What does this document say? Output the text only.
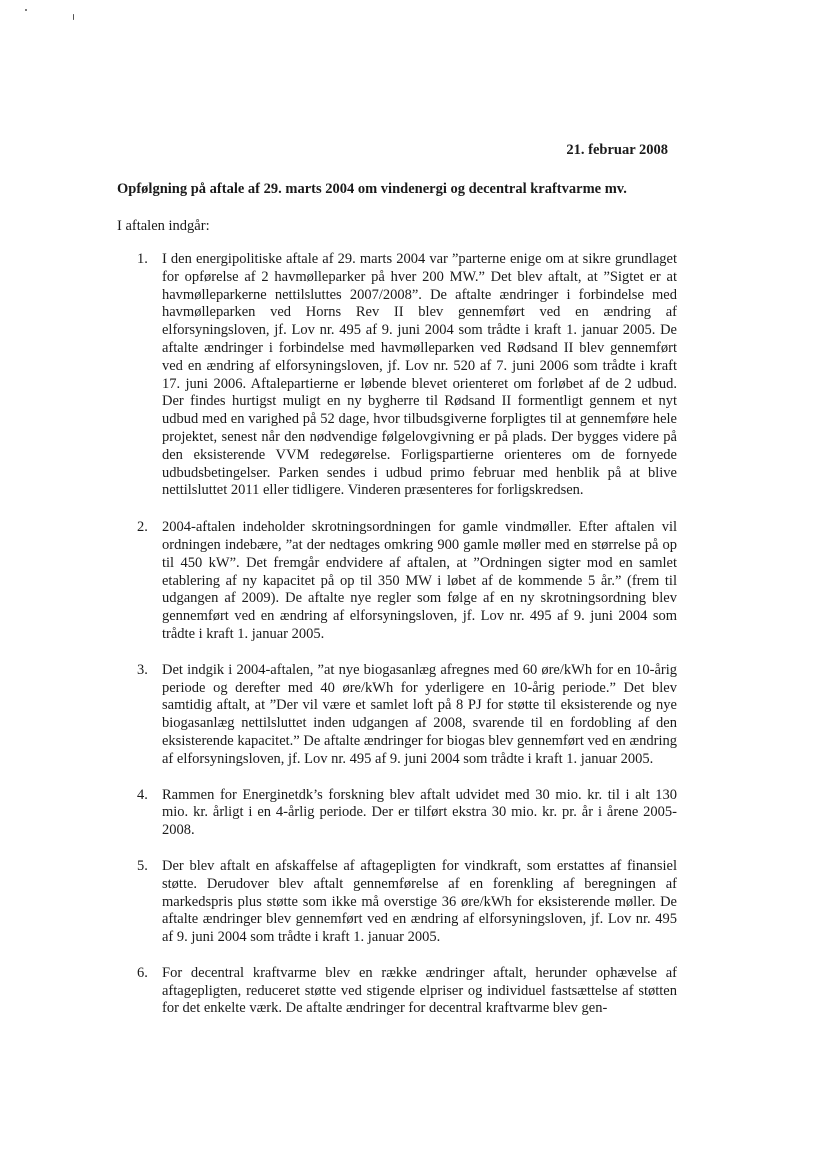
21. februar 2008
Opfølgning på aftale af 29. marts 2004 om vindenergi og decentral kraftvarme mv.
I aftalen indgår:
1. I den energipolitiske aftale af 29. marts 2004 var ”parterne enige om at sikre grundlaget for opførelse af 2 havmølleparker på hver 200 MW.” Det blev aftalt, at ”Sigtet er at havmølleparkerne nettilsluttes 2007/2008”. De aftalte ændringer i forbindelse med havmølleparken ved Horns Rev II blev gennemført ved en ændring af elforsyningsloven, jf. Lov nr. 495 af 9. juni 2004 som trådte i kraft 1. januar 2005. De aftalte ændringer i forbindelse med havmølleparken ved Rødsand II blev gennemført ved en ændring af elforsyningsloven, jf. Lov nr. 520 af 7. juni 2006 som trådte i kraft 17. juni 2006. Aftalepartierne er løbende blevet orienteret om forløbet af de 2 udbud. Der findes hurtigst muligt en ny bygherre til Rødsand II formentligt gennem et nyt udbud med en varighed på 52 dage, hvor tilbudsgiverne forpligtes til at gennemføre hele projektet, senest når den nødvendige følgelovgivning er på plads. Der bygges videre på den eksisterende VVM redegørelse. Forligspartierne orienteres om de fornyede udbudsbetingelser. Parken sendes i udbud primo februar med henblik på at blive nettilsluttet 2011 eller tidligere. Vinderen præsenteres for forligskredsen.
2. 2004-aftalen indeholder skrotningsordningen for gamle vindmøller. Efter aftalen vil ordningen indebære, ”at der nedtages omkring 900 gamle møller med en størrelse på op til 450 kW”. Det fremgår endvidere af aftalen, at ”Ordningen sigter mod en samlet etablering af ny kapacitet på op til 350 MW i løbet af de kommende 5 år.” (frem til udgangen af 2009). De aftalte nye regler som følge af en ny skrotningsordning blev gennemført ved en ændring af elforsyningsloven, jf. Lov nr. 495 af 9. juni 2004 som trådte i kraft 1. januar 2005.
3. Det indgik i 2004-aftalen, ”at nye biogasanlæg afregnes med 60 øre/kWh for en 10-årig periode og derefter med 40 øre/kWh for yderligere en 10-årig periode.” Det blev samtidig aftalt, at ”Der vil være et samlet loft på 8 PJ for støtte til eksisterende og nye biogasanlæg nettilsluttet inden udgangen af 2008, svarende til en fordobling af den eksisterende kapacitet.” De aftalte ændringer for biogas blev gennemført ved en ændring af elforsyningsloven, jf. Lov nr. 495 af 9. juni 2004 som trådte i kraft 1. januar 2005.
4. Rammen for Energinetdk’s forskning blev aftalt udvidet med 30 mio. kr. til i alt 130 mio. kr. årligt i en 4-årlig periode. Der er tilført ekstra 30 mio. kr. pr. år i årene 2005-2008.
5. Der blev aftalt en afskaffelse af aftagepligten for vindkraft, som erstattes af finansiel støtte. Derudover blev aftalt gennemførelse af en forenkling af beregningen af markedspris plus støtte som ikke må overstige 36 øre/kWh for eksisterende møller. De aftalte ændringer blev gennemført ved en ændring af elforsyningsloven, jf. Lov nr. 495 af 9. juni 2004 som trådte i kraft 1. januar 2005.
6. For decentral kraftvarme blev en række ændringer aftalt, herunder ophævelse af aftagepligten, reduceret støtte ved stigende elpriser og individuel fastsættelse af støtten for det enkelte værk. De aftalte ændringer for decentral kraftvarme blev gen-
